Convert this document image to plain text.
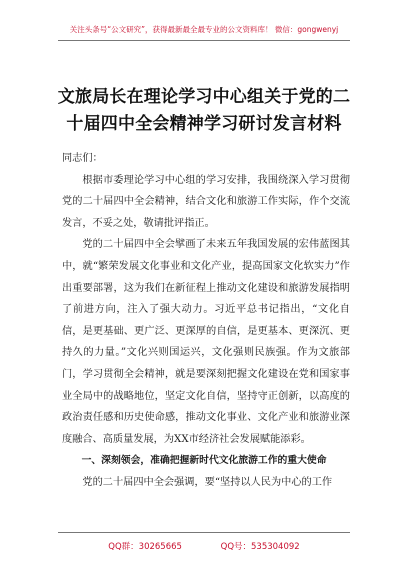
关注头条号“公文研究”，获得最新最全最专业的公文资料库！ 微信：gongwenyj
文旅局长在理论学习中心组关于党的二十届四中全会精神学习研讨发言材料

同志们：

根据市委理论学习中心组的学习安排，我围绕深入学习贯彻党的二十届四中全会精神，结合文化和旅游工作实际，作个交流发言，不妥之处，敬请批评指正。

党的二十届四中全会擘画了未来五年我国发展的宏伟蓝图其中，就“繁荣发展文化事业和文化产业，提高国家文化软实力”作出重要部署，这为我们在新征程上推动文化建设和旅游发展指明了前进方向，注入了强大动力。习近平总书记指出，“文化自信，是更基础、更广泛、更深厚的自信，是更基本、更深沉、更持久的力量。”文化兴则国运兴，文化强则民族强。作为文旅部门，学习贯彻全会精神，就是要深刻把握文化建设在党和国家事业全局中的战略地位，坚定文化自信，坚持守正创新，以高度的政治责任感和历史使命感，推动文化事业、文化产业和旅游业深度融合、高质量发展，为XX市经济社会发展赋能添彩。

一、深刻领会，准确把握新时代文化旅游工作的重大使命

党的二十届四中全会强调，要“坚持以人民为中心的工作

QQ群：30265665	QQ号：535304092
